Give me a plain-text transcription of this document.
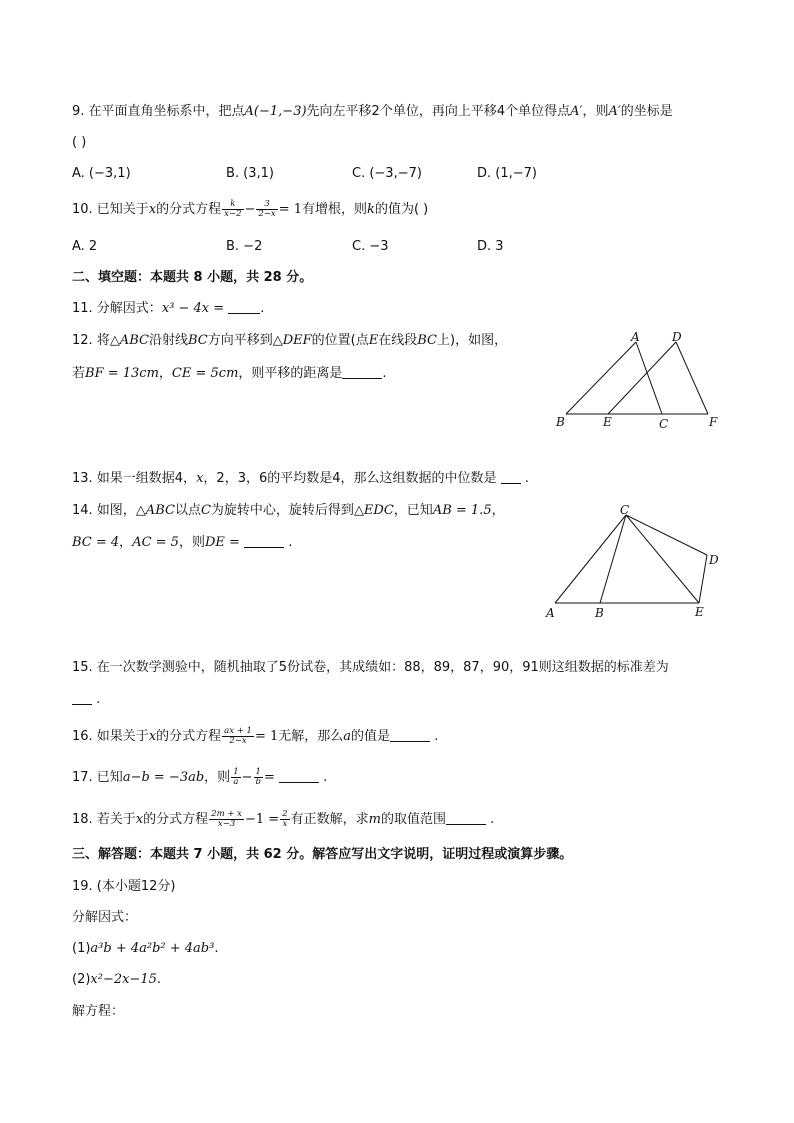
9. 在平面直角坐标系中，把点A(−1,−3)先向左平移2个单位，再向上平移4个单位得点A′，则A′的坐标是
( )
A. (−3,1)	B. (3,1)	C. (−3,−7)	D. (1,−7)
10. 已知关于x的分式方程 $\frac{k}{x-2} - \frac{3}{2-x} = 1$有增根，则k的值为( )
A. 2	B. −2	C. −3	D. 3
二、填空题：本题共 8 小题，共 28 分。
11. 分解因式：x³ − 4x =	.
12. 将△ABC沿射线BC方向平移到△DEF的位置(点E在线段BC上)，如图，
若BF = 13cm，CE = 5cm，则平移的距离是	.
A	D
B	E	C	F
13. 如果一组数据4，x，2，3，6的平均数是4，那么这组数据的中位数是 .
14. 如图，△ABC以点C为旋转中心，旋转后得到△EDC，已知AB = 1.5，
BC = 4，AC = 5，则DE =	.
C
D
A	B	E
15. 在一次数学测验中，随机抽取了5份试卷，其成绩如：88，89，87，90，91则这组数据的标准差为
.
16. 如果关于x的分式方程 $\frac{ax + 1}{2-x} = 1$无解，那么a的值是	.
17. 已知a−b = −3ab，则 $\frac{1}{a} - \frac{1}{b}$ =	.
18. 若关于x的分式方程 $\frac{2m + x}{x-3} -1 = \frac{2}{x}$ 有正数解，求m的取值范围	.
三、解答题：本题共 7 小题，共 62 分。解答应写出文字说明，证明过程或演算步骤。
19. (本小题12分)
分解因式：
(1)a³b + 4a²b² + 4ab³.
(2)x²−2x−15.
解方程：
